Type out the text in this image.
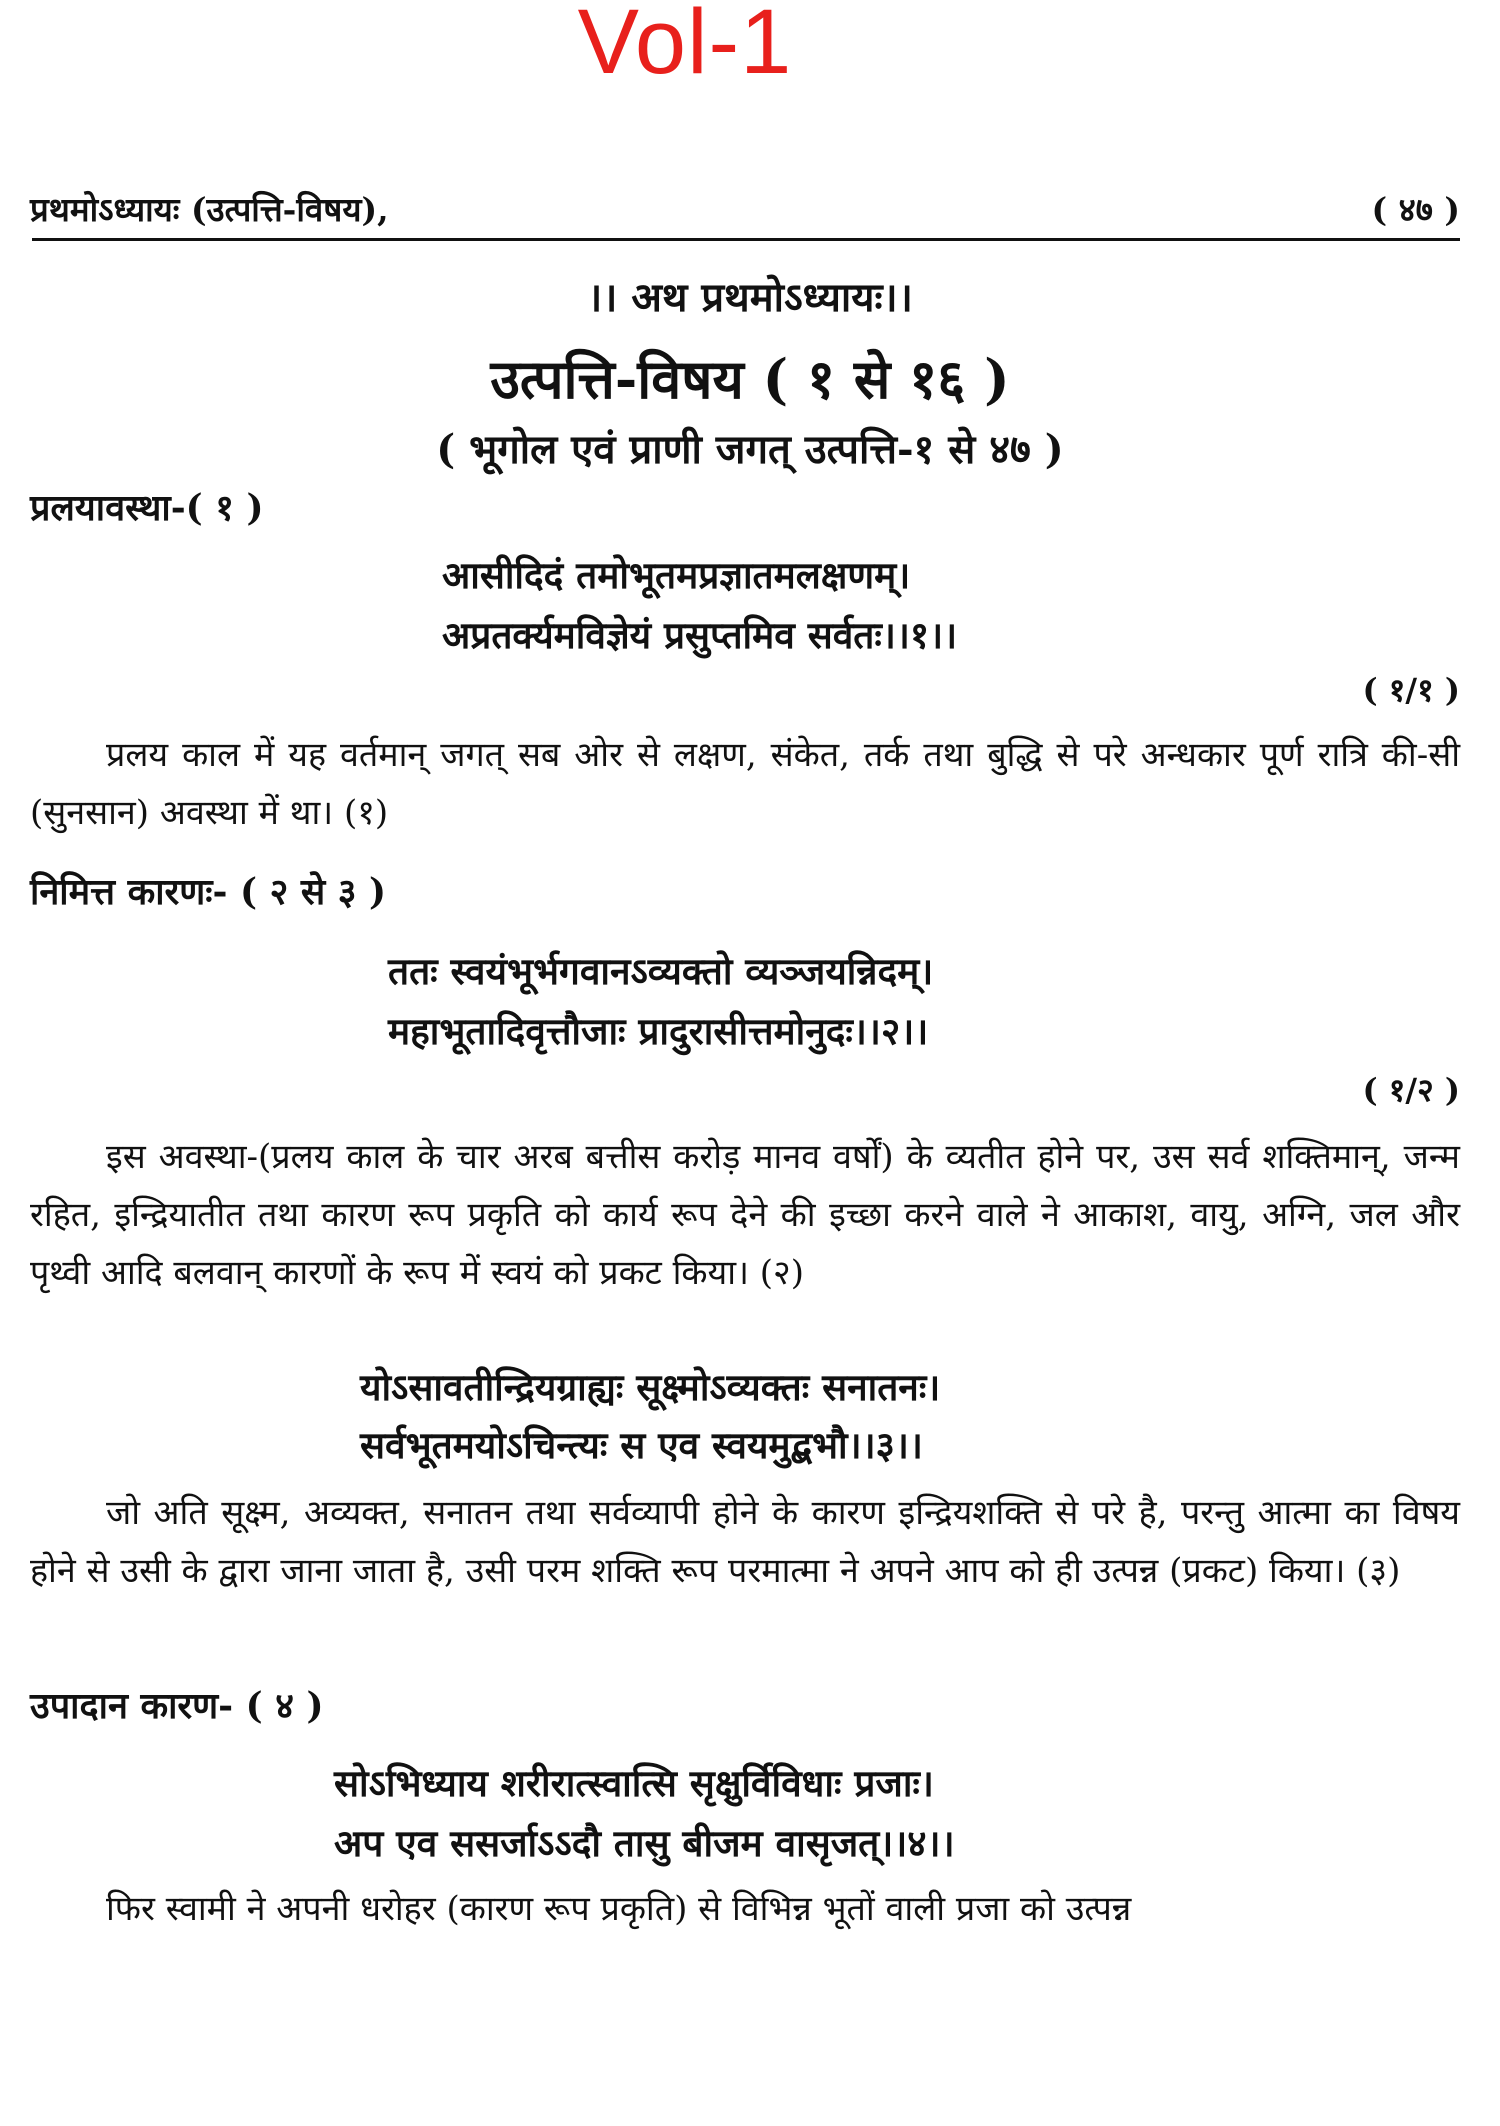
Vol-1
प्रथमोऽध्यायः (उत्पत्ति-विषय),	( ४७ )
।। अथ प्रथमोऽध्यायः।।
उत्पत्ति-विषय ( १ से १६ )
( भूगोल एवं प्राणी जगत् उत्पत्ति-१ से ४७ )
प्रलयावस्था-( १ )
आसीदिदं तमोभूतमप्रज्ञातमलक्षणम्।
अप्रतर्क्यमविज्ञेयं प्रसुप्तमिव सर्वतः।।१।।
( १/१ )
प्रलय काल में यह वर्तमान् जगत् सब ओर से लक्षण, संकेत, तर्क तथा बुद्धि से परे अन्धकार पूर्ण रात्रि की-सी (सुनसान) अवस्था में था। (१)
निमित्त कारणः- ( २ से ३ )
ततः स्वयंभूर्भगवानऽव्यक्तो व्यञ्जयन्निदम्।
महाभूतादिवृत्तौजाः प्रादुरासीत्तमोनुदः।।२।।
( १/२ )
इस अवस्था-(प्रलय काल के चार अरब बत्तीस करोड़ मानव वर्षों) के व्यतीत होने पर, उस सर्व शक्तिमान्, जन्म रहित, इन्द्रियातीत तथा कारण रूप प्रकृति को कार्य रूप देने की इच्छा करने वाले ने आकाश, वायु, अग्नि, जल और पृथ्वी आदि बलवान् कारणों के रूप में स्वयं को प्रकट किया। (२)
योऽसावतीन्द्रियग्राह्यः सूक्ष्मोऽव्यक्तः सनातनः।
सर्वभूतमयोऽचिन्त्यः स एव स्वयमुद्बभौ।।३।।
जो अति सूक्ष्म, अव्यक्त, सनातन तथा सर्वव्यापी होने के कारण इन्द्रियशक्ति से परे है, परन्तु आत्मा का विषय होने से उसी के द्वारा जाना जाता है, उसी परम शक्ति रूप परमात्मा ने अपने आप को ही उत्पन्न (प्रकट) किया। (३)
उपादान कारण- ( ४ )
सोऽभिध्याय शरीरात्स्वात्सि सृक्षुर्विविधाः प्रजाः।
अप एव ससर्जाऽऽदौ तासु बीजम वासृजत्।।४।।
फिर स्वामी ने अपनी धरोहर (कारण रूप प्रकृति) से विभिन्न भूतों वाली प्रजा को उत्पन्न
